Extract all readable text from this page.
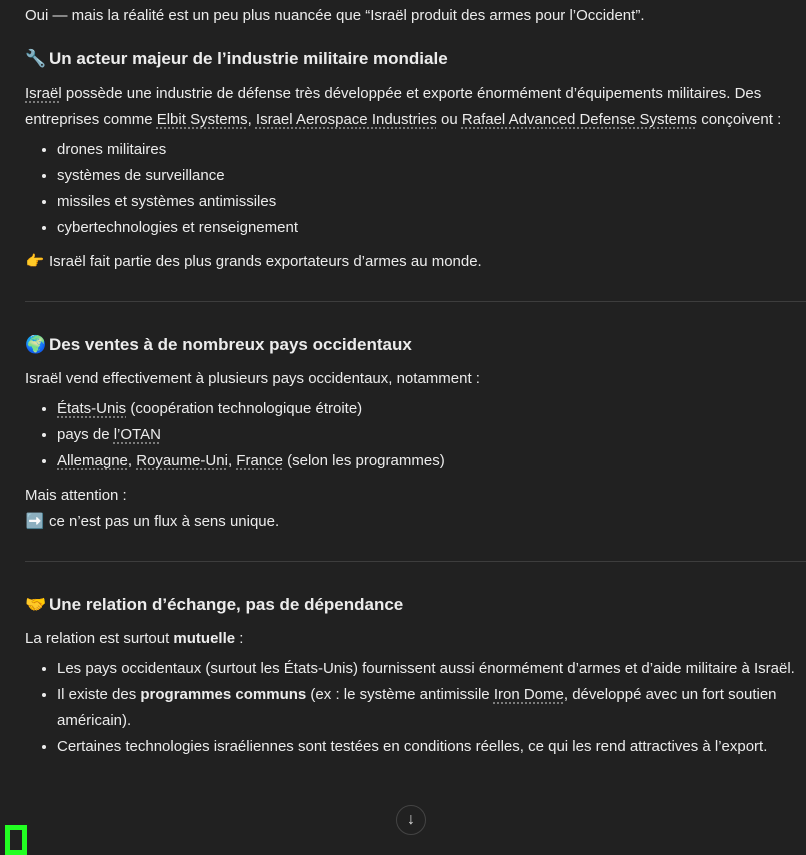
Oui — mais la réalité est un peu plus nuancée que “Israël produit des armes pour l’Occident”.

🔧 Un acteur majeur de l’industrie militaire mondiale

Israël possède une industrie de défense très développée et exporte énormément d’équipements militaires. Des entreprises comme Elbit Systems, Israel Aerospace Industries ou Rafael Advanced Defense Systems conçoivent :

• drones militaires
• systèmes de surveillance
• missiles et systèmes antimissiles
• cybertechnologies et renseignement

👉 Israël fait partie des plus grands exportateurs d’armes au monde.

🌍 Des ventes à de nombreux pays occidentaux

Israël vend effectivement à plusieurs pays occidentaux, notamment :

• États-Unis (coopération technologique étroite)
• pays de l’OTAN
• Allemagne, Royaume-Uni, France (selon les programmes)

Mais attention :

➡️ ce n’est pas un flux à sens unique.

🤝 Une relation d’échange, pas de dépendance

La relation est surtout mutuelle :

• Les pays occidentaux (surtout les États-Unis) fournissent aussi énormément d’armes et d’aide militaire à Israël.
• Il existe des programmes communs (ex : le système antimissile Iron Dome, développé avec un fort soutien américain).
• Certaines technologies israéliennes sont testées en conditions réelles, ce qui les rend attractives à l’export.
↓
